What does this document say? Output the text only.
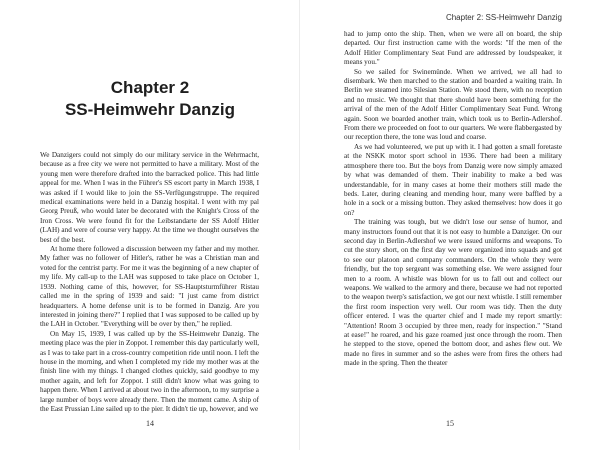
Chapter 2
SS-Heimwehr Danzig

We Danzigers could not simply do our military service in the Wehrmacht, because as a free city we were not permitted to have a military. Most of the young men were therefore drafted into the barracked police. This had little appeal for me. When I was in the Führer's SS escort party in March 1938, I was asked if I would like to join the SS-Verfügungstruppe. The required medical examinations were held in a Danzig hospital. I went with my pal Georg Preuß, who would later be decorated with the Knight's Cross of the Iron Cross. We were found fit for the Leibstandarte der SS Adolf Hitler (LAH) and were of course very happy. At the time we thought ourselves the best of the best.

At home there followed a discussion between my father and my mother. My father was no follower of Hitler's, rather he was a Christian man and voted for the centrist party. For me it was the beginning of a new chapter of my life. My call-up to the LAH was supposed to take place on October 1, 1939. Nothing came of this, however, for SS-Hauptsturmführer Ristau called me in the spring of 1939 and said: "I just came from district headquarters. A home defense unit is to be formed in Danzig. Are you interested in joining there?" I replied that I was supposed to be called up by the LAH in October. "Everything will be over by then," he replied.

On May 15, 1939, I was called up by the SS-Heimwehr Danzig. The meeting place was the pier in Zoppot. I remember this day particularly well, as I was to take part in a cross-country competition ride until noon. I left the house in the morning, and when I completed my ride my mother was at the finish line with my things. I changed clothes quickly, said goodbye to my mother again, and left for Zoppot. I still didn't know what was going to happen there. When I arrived at about two in the afternoon, to my surprise a large number of boys were already there. Then the moment came. A ship of the East Prussian Line sailed up to the pier. It didn't tie up, however, and we

14
Chapter 2: SS-Heimwehr Danzig

had to jump onto the ship. Then, when we were all on board, the ship departed. Our first instruction came with the words: "If the men of the Adolf Hitler Complimentary Seat Fund are addressed by loudspeaker, it means you."

So we sailed for Swinemünde. When we arrived, we all had to disembark. We then marched to the station and boarded a waiting train. In Berlin we steamed into Silesian Station. We stood there, with no reception and no music. We thought that there should have been something for the arrival of the men of the Adolf Hitler Complimentary Seat Fund. Wrong again. Soon we boarded another train, which took us to Berlin-Adlershof. From there we proceeded on foot to our quarters. We were flabbergasted by our reception there, the tone was loud and coarse.

As we had volunteered, we put up with it. I had gotten a small foretaste at the NSKK motor sport school in 1936. There had been a military atmosphere there too. But the boys from Danzig were now simply amazed by what was demanded of them. Their inability to make a bed was understandable, for in many cases at home their mothers still made the beds. Later, during cleaning and mending hour, many were baffled by a hole in a sock or a missing button. They asked themselves: how does it go on?

The training was tough, but we didn't lose our sense of humor, and many instructors found out that it is not easy to humble a Danziger. On our second day in Berlin-Adlershof we were issued uniforms and weapons. To cut the story short, on the first day we were organized into squads and got to see our platoon and company commanders. On the whole they were friendly, but the top sergeant was something else. We were assigned four men to a room. A whistle was blown for us to fall out and collect our weapons. We walked to the armory and there, because we had not reported to the weapon twerp's satisfaction, we got our next whistle. I still remember the first room inspection very well. Our room was tidy. Then the duty officer entered. I was the quarter chief and I made my report smartly: "Attention! Room 3 occupied by three men, ready for inspection." "Stand at ease!" he roared, and his gaze roamed just once through the room. Then he stepped to the stove, opened the bottom door, and ashes flew out. We made no fires in summer and so the ashes were from fires the others had made in the spring. Then the theater

15
